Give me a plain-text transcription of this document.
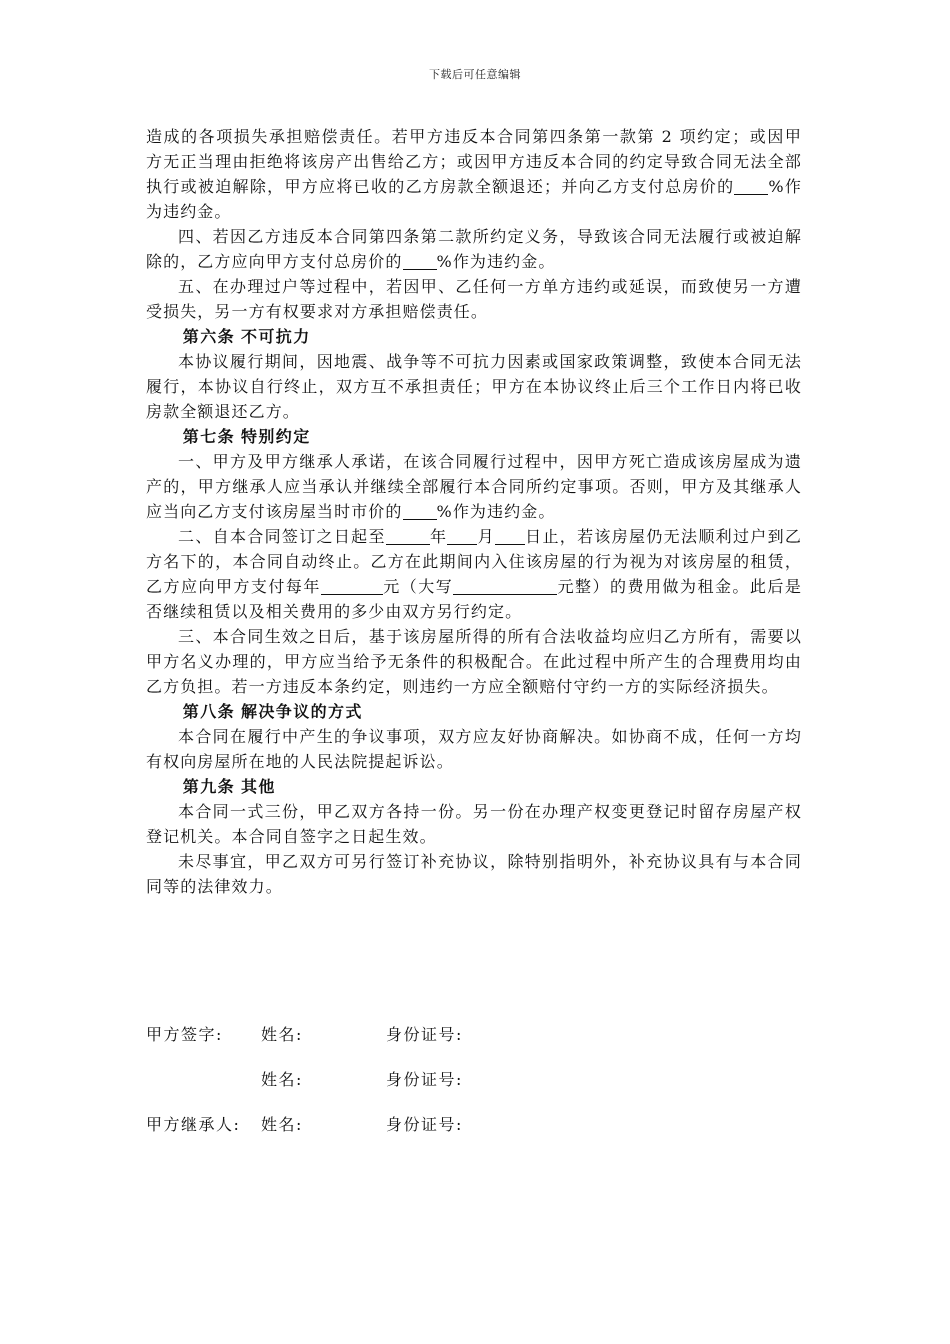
下载后可任意编辑

造成的各项损失承担赔偿责任。若甲方违反本合同第四条第一款第 2 项约定；或因甲方无正当理由拒绝将该房产出售给乙方；或因甲方违反本合同的约定导致合同无法全部执行或被迫解除，甲方应将已收的乙方房款全额退还；并向乙方支付总房价的 %作为违约金。

四、若因乙方违反本合同第四条第二款所约定义务，导致该合同无法履行或被迫解除的，乙方应向甲方支付总房价的 %作为违约金。

五、在办理过户等过程中，若因甲、乙任何一方单方违约或延误，而致使另一方遭受损失，另一方有权要求对方承担赔偿责任。

第六条 不可抗力

本协议履行期间，因地震、战争等不可抗力因素或国家政策调整，致使本合同无法履行，本协议自行终止，双方互不承担责任；甲方在本协议终止后三个工作日内将已收房款全额退还乙方。

第七条 特别约定

一、甲方及甲方继承人承诺，在该合同履行过程中，因甲方死亡造成该房屋成为遗产的，甲方继承人应当承认并继续全部履行本合同所约定事项。否则，甲方及其继承人应当向乙方支付该房屋当时市价的 %作为违约金。

二、自本合同签订之日起至	年 月 日止，若该房屋仍无法顺利过户到乙方名下的，本合同自动终止。乙方在此期间内入住该房屋的行为视为对该房屋的租赁，乙方应向甲方支付每年	元（大写	元整）的费用做为租金。此后是否继续租赁以及相关费用的多少由双方另行约定。

三、本合同生效之日后，基于该房屋所得的所有合法收益均应归乙方所有，需要以甲方名义办理的，甲方应当给予无条件的积极配合。在此过程中所产生的合理费用均由乙方负担。若一方违反本条约定，则违约一方应全额赔付守约一方的实际经济损失。

第八条 解决争议的方式

本合同在履行中产生的争议事项，双方应友好协商解决。如协商不成，任何一方均有权向房屋所在地的人民法院提起诉讼。

第九条 其他

本合同一式三份，甲乙双方各持一份。另一份在办理产权变更登记时留存房屋产权登记机关。本合同自签字之日起生效。

未尽事宜，甲乙双方可另行签订补充协议，除特别指明外，补充协议具有与本合同同等的法律效力。

甲方签字: 姓名:	身份证号:
姓名:	身份证号:
甲方继承人: 姓名:	身份证号:
